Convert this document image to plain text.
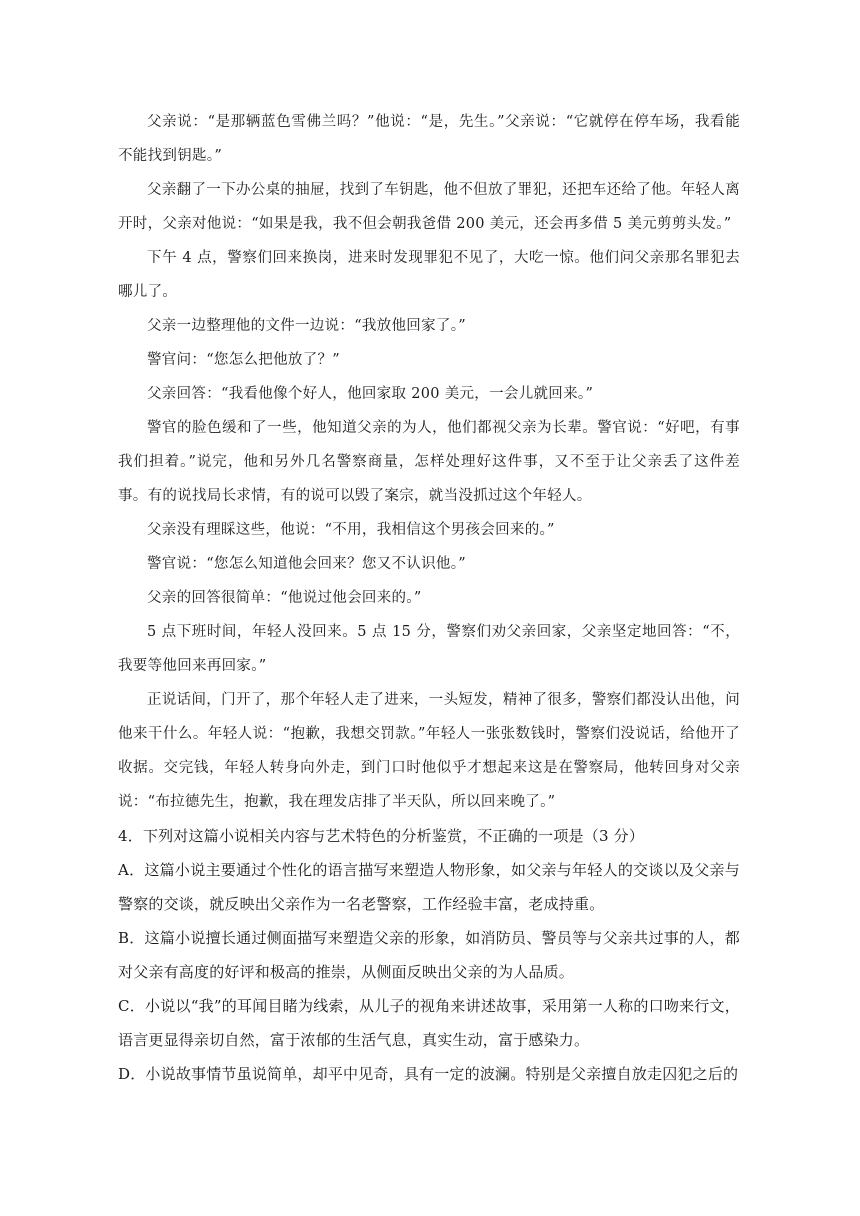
父亲说：“是那辆蓝色雪佛兰吗？”他说：“是，先生。”父亲说：“它就停在停车场，我看能不能找到钥匙。”

父亲翻了一下办公桌的抽屉，找到了车钥匙，他不但放了罪犯，还把车还给了他。年轻人离开时，父亲对他说：“如果是我，我不但会朝我爸借 200 美元，还会再多借 5 美元剪剪头发。”

下午 4 点，警察们回来换岗，进来时发现罪犯不见了，大吃一惊。他们问父亲那名罪犯去哪儿了。

父亲一边整理他的文件一边说：“我放他回家了。”

警官问：“您怎么把他放了？”

父亲回答：“我看他像个好人，他回家取 200 美元，一会儿就回来。”

警官的脸色缓和了一些，他知道父亲的为人，他们都视父亲为长辈。警官说：“好吧，有事我们担着。”说完，他和另外几名警察商量，怎样处理好这件事，又不至于让父亲丢了这件差事。有的说找局长求情，有的说可以毁了案宗，就当没抓过这个年轻人。

父亲没有理睬这些，他说：“不用，我相信这个男孩会回来的。”

警官说：“您怎么知道他会回来？您又不认识他。”

父亲的回答很简单：“他说过他会回来的。”

5 点下班时间，年轻人没回来。5 点 15 分，警察们劝父亲回家，父亲坚定地回答：“不，我要等他回来再回家。”

正说话间，门开了，那个年轻人走了进来，一头短发，精神了很多，警察们都没认出他，问他来干什么。年轻人说：“抱歉，我想交罚款。”年轻人一张张数钱时，警察们没说话，给他开了收据。交完钱，年轻人转身向外走，到门口时他似乎才想起来这是在警察局，他转回身对父亲说：“布拉德先生，抱歉，我在理发店排了半天队，所以回来晚了。”

4．下列对这篇小说相关内容与艺术特色的分析鉴赏，不正确的一项是（3 分）

A．这篇小说主要通过个性化的语言描写来塑造人物形象，如父亲与年轻人的交谈以及父亲与警察的交谈，就反映出父亲作为一名老警察，工作经验丰富，老成持重。

B．这篇小说擅长通过侧面描写来塑造父亲的形象，如消防员、警员等与父亲共过事的人，都对父亲有高度的好评和极高的推崇，从侧面反映出父亲的为人品质。

C．小说以“我”的耳闻目睹为线索，从儿子的视角来讲述故事，采用第一人称的口吻来行文，语言更显得亲切自然，富于浓郁的生活气息，真实生动，富于感染力。

D．小说故事情节虽说简单，却平中见奇，具有一定的波澜。特别是父亲擅自放走囚犯之后的
